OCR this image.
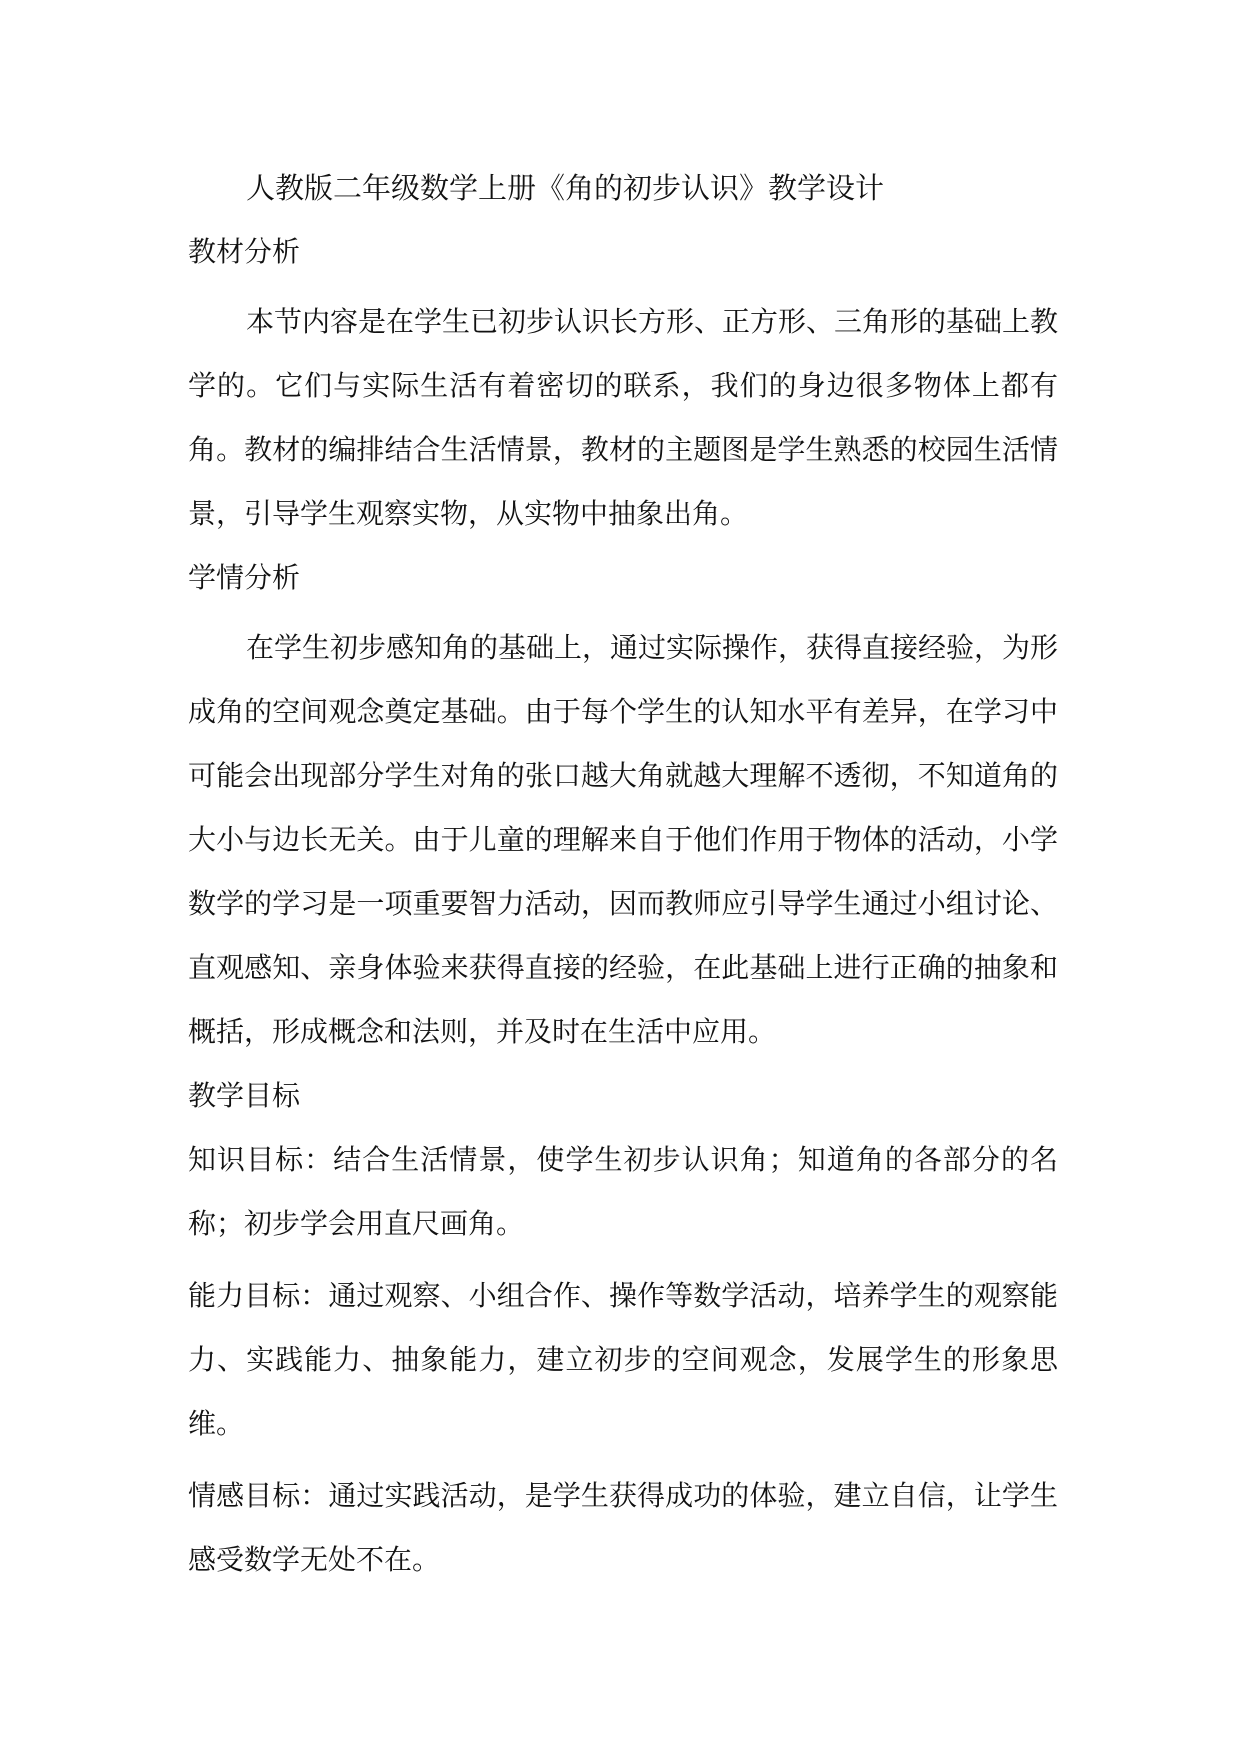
人教版二年级数学上册《角的初步认识》教学设计
教材分析

本节内容是在学生已初步认识长方形、正方形、三角形的基础上教学的。它们与实际生活有着密切的联系，我们的身边很多物体上都有角。教材的编排结合生活情景，教材的主题图是学生熟悉的校园生活情景，引导学生观察实物，从实物中抽象出角。

学情分析

在学生初步感知角的基础上，通过实际操作，获得直接经验，为形成角的空间观念奠定基础。由于每个学生的认知水平有差异，在学习中可能会出现部分学生对角的张口越大角就越大理解不透彻，不知道角的大小与边长无关。由于儿童的理解来自于他们作用于物体的活动，小学数学的学习是一项重要智力活动，因而教师应引导学生通过小组讨论、直观感知、亲身体验来获得直接的经验，在此基础上进行正确的抽象和概括，形成概念和法则，并及时在生活中应用。

教学目标

知识目标：结合生活情景，使学生初步认识角；知道角的各部分的名称；初步学会用直尺画角。

能力目标：通过观察、小组合作、操作等数学活动，培养学生的观察能力、实践能力、抽象能力，建立初步的空间观念，发展学生的形象思维。

情感目标：通过实践活动，是学生获得成功的体验，建立自信，让学生感受数学无处不在。
